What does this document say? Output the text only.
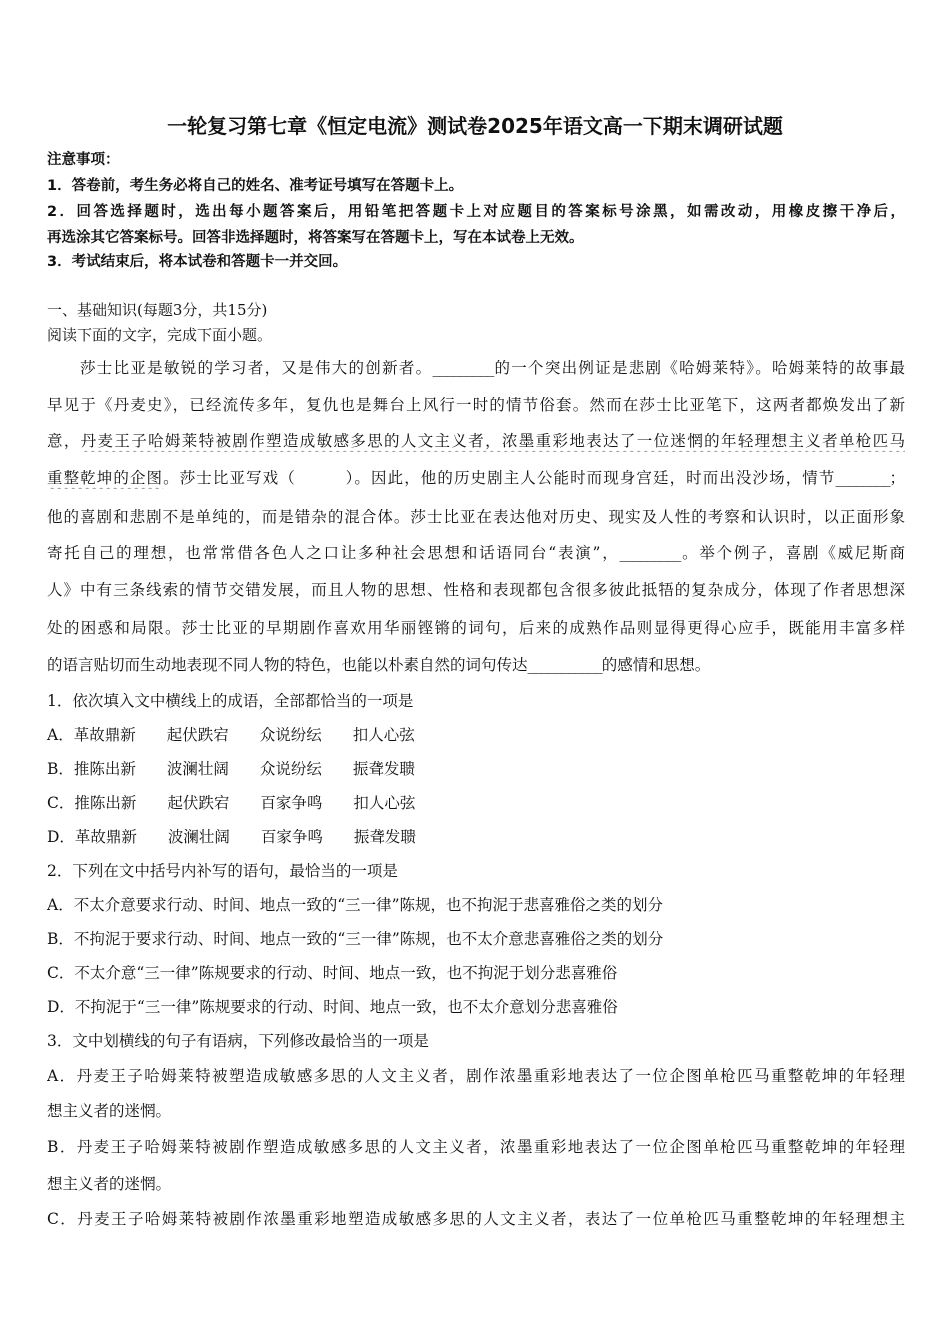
一轮复习第七章《恒定电流》测试卷2025年语文高一下期末调研试题
注意事项：
1．答卷前，考生务必将自己的姓名、准考证号填写在答题卡上。
2．回答选择题时，选出每小题答案后，用铅笔把答题卡上对应题目的答案标号涂黑，如需改动，用橡皮擦干净后，
再选涂其它答案标号。回答非选择题时，将答案写在答题卡上，写在本试卷上无效。
3．考试结束后，将本试卷和答题卡一并交回。
一、基础知识(每题3分，共15分)
阅读下面的文字，完成下面小题。
莎士比亚是敏锐的学习者，又是伟大的创新者。_________的一个突出例证是悲剧《哈姆莱特》。哈姆莱特的故事最
早见于《丹麦史》，已经流传多年，复仇也是舞台上风行一时的情节俗套。然而在莎士比亚笔下，这两者都焕发出了新
意，丹麦王子哈姆莱特被剧作塑造成敏感多思的人文主义者，浓墨重彩地表达了一位迷惘的年轻理想主义者单枪匹马
重整乾坤的企图。莎士比亚写戏（　　　）。因此，他的历史剧主人公能时而现身宫廷，时而出没沙场，情节________；
他的喜剧和悲剧不是单纯的，而是错杂的混合体。莎士比亚在表达他对历史、现实及人性的考察和认识时，以正面形象
寄托自己的理想，也常常借各色人之口让多种社会思想和话语同台“表演”，_________。举个例子，喜剧《威尼斯商
人》中有三条线索的情节交错发展，而且人物的思想、性格和表现都包含很多彼此抵牾的复杂成分，体现了作者思想深
处的困惑和局限。莎士比亚的早期剧作喜欢用华丽铿锵的词句，后来的成熟作品则显得更得心应手，既能用丰富多样
的语言贴切而生动地表现不同人物的特色，也能以朴素自然的词句传达___________的感情和思想。
1．依次填入文中横线上的成语，全部都恰当的一项是
A．革故鼎新　　起伏跌宕　　众说纷纭　　扣人心弦
B．推陈出新　　波澜壮阔　　众说纷纭　　振聋发聩
C．推陈出新　　起伏跌宕　　百家争鸣　　扣人心弦
D．革故鼎新　　波澜壮阔　　百家争鸣　　振聋发聩
2．下列在文中括号内补写的语句，最恰当的一项是
A．不太介意要求行动、时间、地点一致的“三一律”陈规，也不拘泥于悲喜雅俗之类的划分
B．不拘泥于要求行动、时间、地点一致的“三一律”陈规，也不太介意悲喜雅俗之类的划分
C．不太介意“三一律”陈规要求的行动、时间、地点一致，也不拘泥于划分悲喜雅俗
D．不拘泥于“三一律”陈规要求的行动、时间、地点一致，也不太介意划分悲喜雅俗
3．文中划横线的句子有语病，下列修改最恰当的一项是
A．丹麦王子哈姆莱特被塑造成敏感多思的人文主义者，剧作浓墨重彩地表达了一位企图单枪匹马重整乾坤的年轻理
想主义者的迷惘。
B．丹麦王子哈姆莱特被剧作塑造成敏感多思的人文主义者，浓墨重彩地表达了一位企图单枪匹马重整乾坤的年轻理
想主义者的迷惘。
C．丹麦王子哈姆莱特被剧作浓墨重彩地塑造成敏感多思的人文主义者，表达了一位单枪匹马重整乾坤的年轻理想主
